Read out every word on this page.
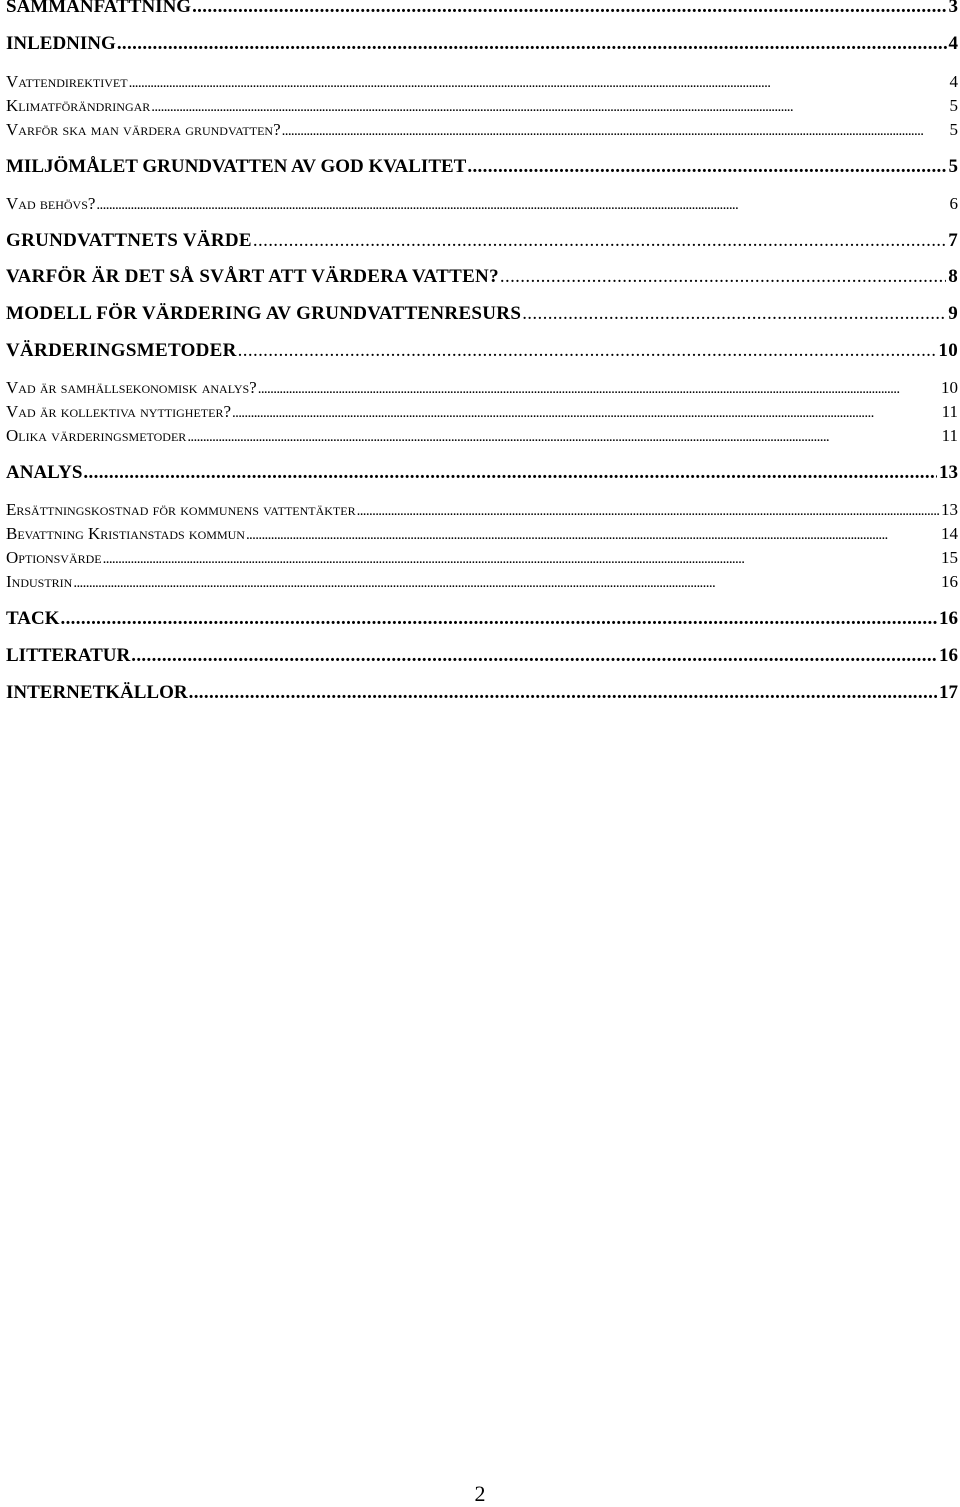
SAMMANFATTNING . . .	3
INLEDNING . . .	4
Vattendirektivet . . .	4
Klimatförändringar . . .	5
Varför ska man värdera grundvatten? . . .	5
MILJÖMÅLET GRUNDVATTEN AV GOD KVALITET . . .	5
Vad behövs? . . .	6
GRUNDVATTNETS VÄRDE . . .	7
VARFÖR ÄR DET SÅ SVÅRT ATT VÄRDERA VATTEN? . . .	8
MODELL FÖR VÄRDERING AV GRUNDVATTENRESURS . . .	9
VÄRDERINGSMETODER . . .	10
Vad är samhällsekonomisk analys? . . .	10
Vad är kollektiva nyttigheter? . . .	11
Olika värderingsmetoder . . .	11
ANALYS . . .	13
Ersättningskostnad för kommunens vattentäkter . . .	13
Bevattning Kristianstads kommun . . .	14
Optionsvärde . . .	15
Industrin . . .	16
TACK . . .	16
LITTERATUR . . .	16
INTERNETKÄLLOR . . .	17
2
